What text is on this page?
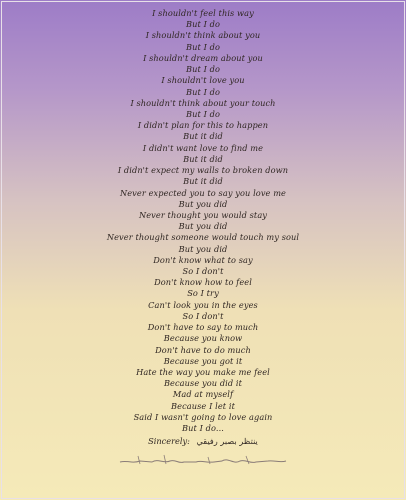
I shouldn't feel this way
But I do
I shouldn't think about you
But I do
I shouldn't dream about you
But I do
I shouldn't love you
But I do
I shouldn't think about your touch
But I do
I didn't plan for this to happen
But it did
I didn't want love to find me
But it did
I didn't expect my walls to broken down
But it did
Never expected you to say you love me
But you did
Never thought you would stay
But you did
Never thought someone would touch my soul
But you did
Don't know what to say
So I don't
Don't know how to feel
So I try
Can't look you in the eyes
So I don't
Don't have to say to much
Because you know
Don't have to do much
Because you got it
Hate the way you make me feel
Because you did it
Mad at myself
Because I let it
Said I wasn't going to love again
But I do...
Sincerely: ينتظر بصبر رفيقي
